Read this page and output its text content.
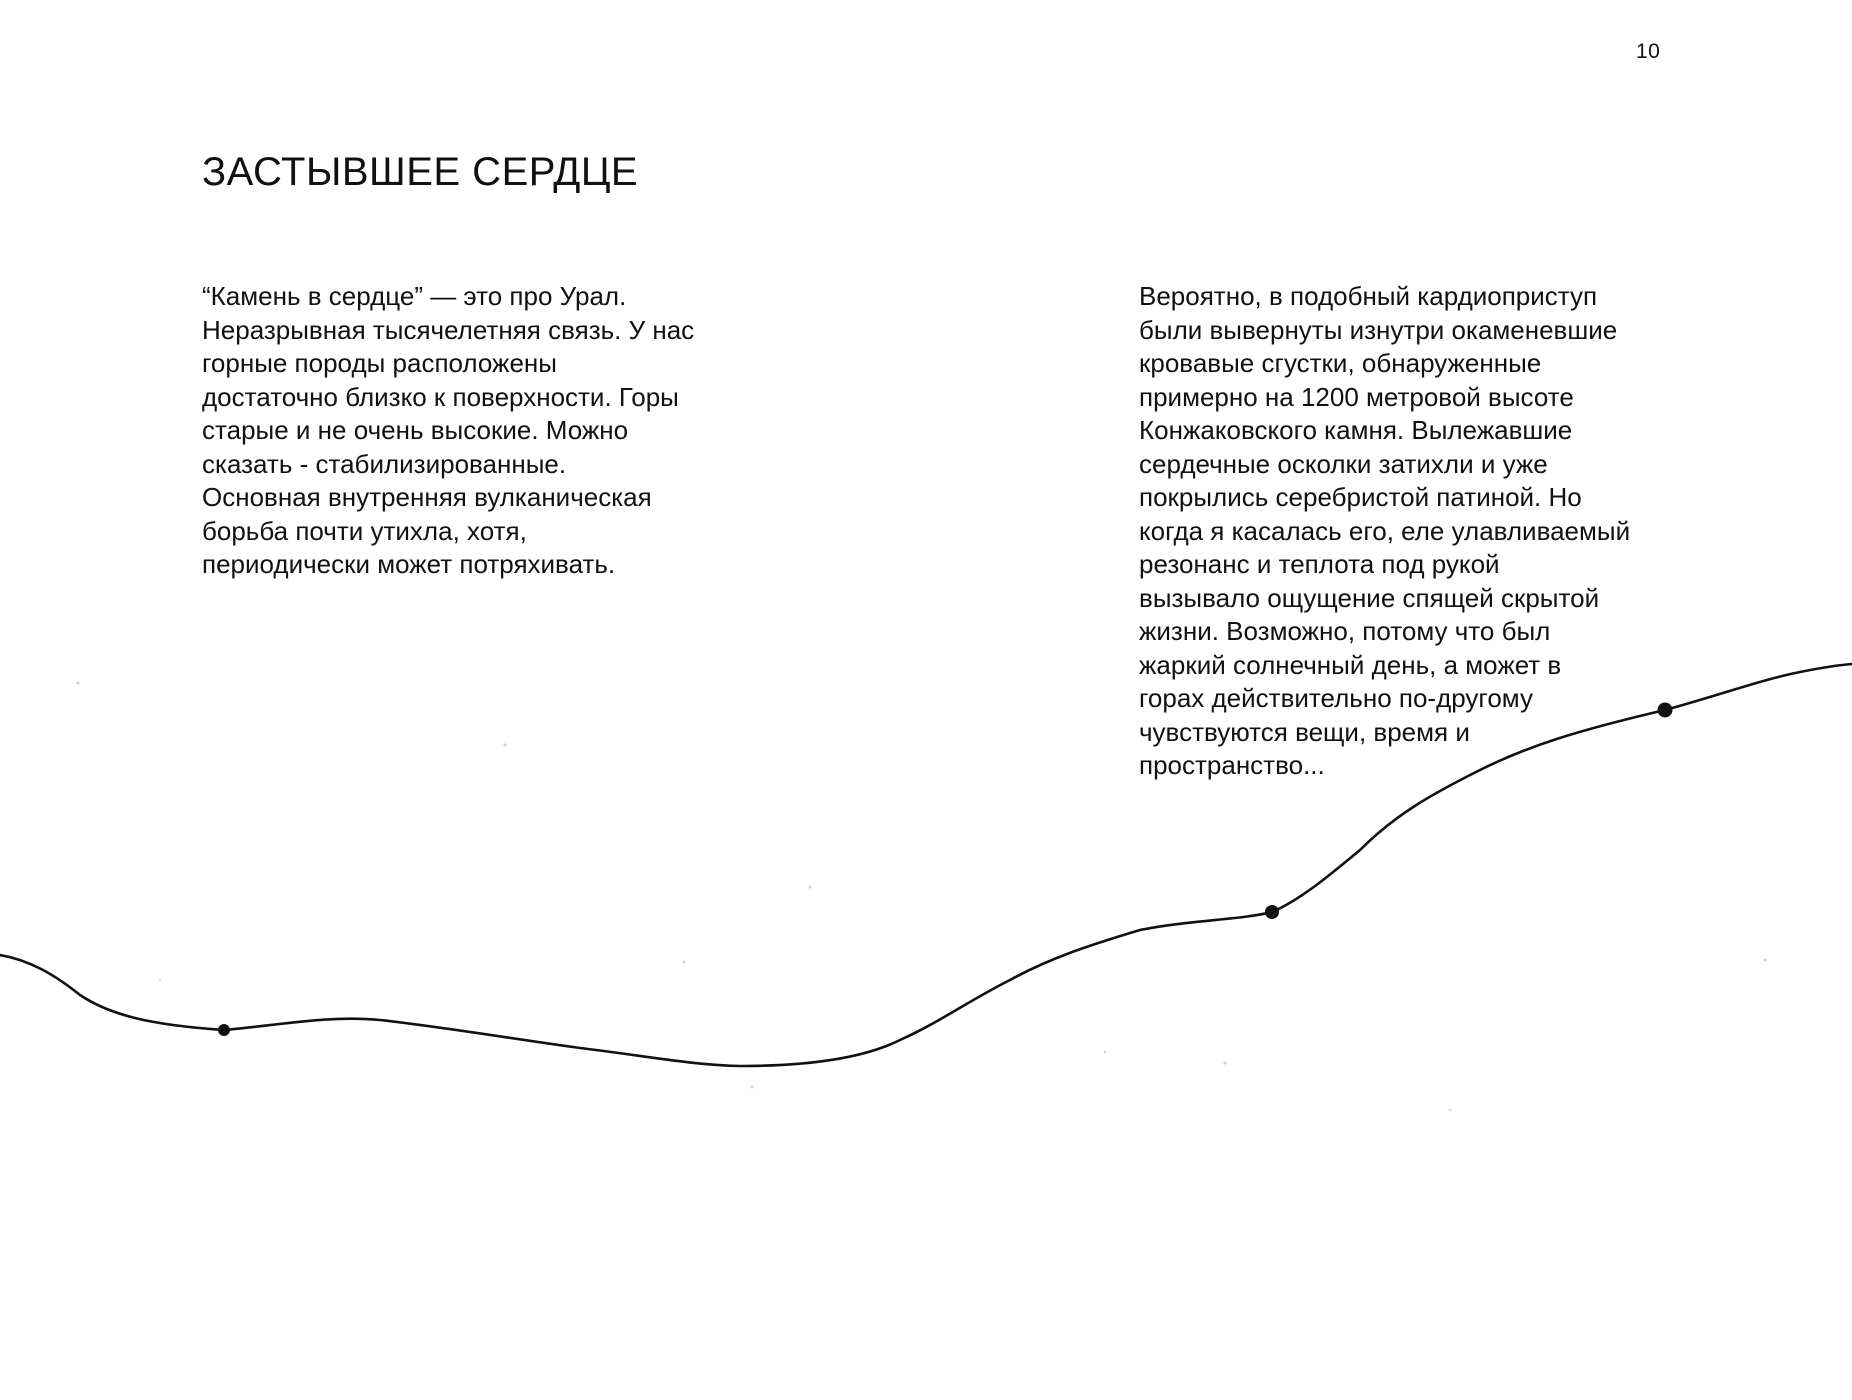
10
ЗАСТЫВШЕЕ СЕРДЦЕ

“Камень в сердце” — это про Урал.
Неразрывная тысячелетняя связь. У нас
горные породы расположены
достаточно близко к поверхности. Горы
старые и не очень высокие. Можно
сказать - стабилизированные.
Основная внутренняя вулканическая
борьба почти утихла, хотя,
периодически может потряхивать.

Вероятно, в подобный кардиоприступ
были вывернуты изнутри окаменевшие
кровавые сгустки, обнаруженные
примерно на 1200 метровой высоте
Конжаковского камня. Вылежавшие
сердечные осколки затихли и уже
покрылись серебристой патиной. Но
когда я касалась его, еле улавливаемый
резонанс и теплота под рукой
вызывало ощущение спящей скрытой
жизни. Возможно, потому что был
жаркий солнечный день, а может в
горах действительно по-другому
чувствуются вещи, время и
пространство...
